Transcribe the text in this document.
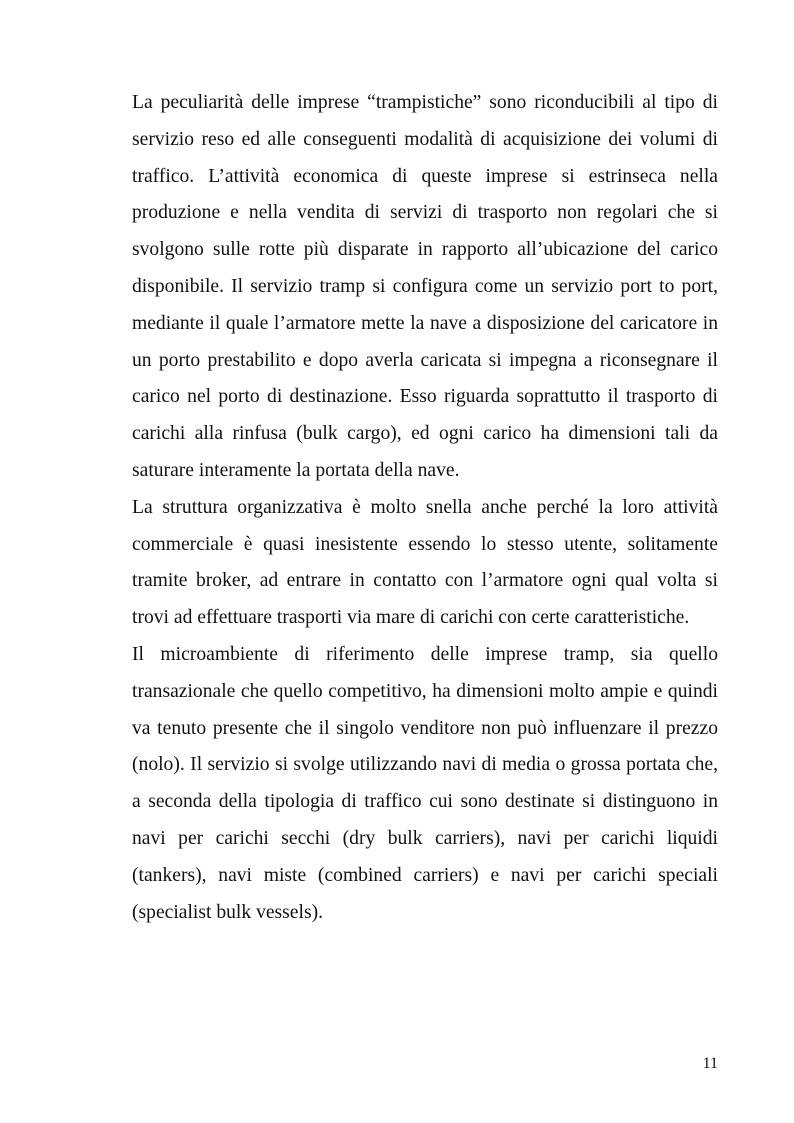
La peculiarità delle imprese “trampistiche” sono riconducibili al tipo di servizio reso ed alle conseguenti modalità di acquisizione dei volumi di traffico. L’attività economica di queste imprese si estrinseca nella produzione e nella vendita di servizi di trasporto non regolari che si svolgono sulle rotte più disparate in rapporto all’ubicazione del carico disponibile. Il servizio tramp si configura come un servizio port to port, mediante il quale l’armatore mette la nave a disposizione del caricatore in un porto prestabilito e dopo averla caricata si impegna a riconsegnare il carico nel porto di destinazione. Esso riguarda soprattutto il trasporto di carichi alla rinfusa (bulk cargo), ed ogni carico ha dimensioni tali da saturare interamente la portata della nave.

La struttura organizzativa è molto snella anche perché la loro attività commerciale è quasi inesistente essendo lo stesso utente, solitamente tramite broker, ad entrare in contatto con l’armatore ogni qual volta si trovi ad effettuare trasporti via mare di carichi con certe caratteristiche.

Il microambiente di riferimento delle imprese tramp, sia quello transazionale che quello competitivo, ha dimensioni molto ampie e quindi va tenuto presente che il singolo venditore non può influenzare il prezzo (nolo). Il servizio si svolge utilizzando navi di media o grossa portata che, a seconda della tipologia di traffico cui sono destinate si distinguono in navi per carichi secchi (dry bulk carriers), navi per carichi liquidi (tankers), navi miste (combined carriers) e navi per carichi speciali (specialist bulk vessels).

11
